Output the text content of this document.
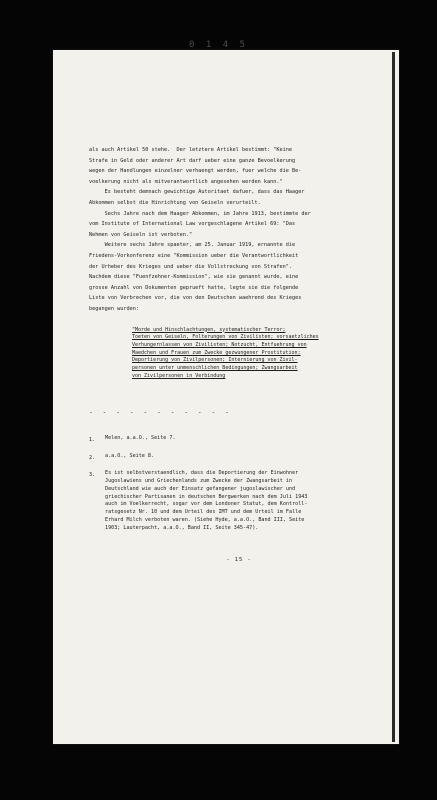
0 1 4 5

als auch Artikel 50 stehe.  Der letztere Artikel bestimmt: "Keine
Strafe in Geld oder anderer Art darf ueber eine ganze Bevoelkerung
wegen der Handlungen einzelner verhaengt werden, fuer welche die Be-
voelkerung nicht als mitverantwortlich angesehen werden kann."

Es besteht demnach gewichtige Autoritaet dafuer, dass das Haager
Abkommen selbst die Hinrichtung von Geiseln verurteilt.

Sechs Jahre nach dem Haager Abkommen, im Jahre 1913, bestimmte der
vom Institute of International Law vorgeschlagene Artikel 69: "Das
Nehmen von Geiseln ist verboten."

Weitere sechs Jahre spaeter, am 25. Januar 1919, ernannte die
Friedens-Vorkonferenz eine "Kommission ueber die Verantwortlichkeit
der Urheber des Krieges und ueber die Vollstreckung von Strafen".
Nachdem diese "Fuenfzehner-Kommission", wie sie genannt wurde, eine
grosse Anzahl von Dokumenten geprueft hatte, legte sie die folgende
Liste von Verbrechen vor, die von den Deutschen waehrend des Krieges
begangen wurden:

"Morde und Hinschlachtungen, systematischer Terror;
Toeten von Geiseln, Folterungen von Zivilisten; vorsaetzliches
Verhungernlassen von Zivilisten; Notzucht, Entfuehrung von
Maedchen und Frauen zum Zwecke gezwungener Prostitution;
Deportierung von Zivilpersonen; Internierung von Zivil-
personen unter unmenschlichen Bedingungen; Zwangsarbeit
von Zivilpersonen in Verbindung
- - - - - - - - - - -
1.	Melen, a.a.O., Seite 7.
2.	a.a.O., Seite 8.
3.	Es ist selbstverstaendlich, dass die Deportierung der Einwohner
Jugoslawiens und Griechenlands zum Zwecke der Zwangsarbeit in
Deutschland wie auch der Einsatz gefangener jugoslawischer und
griechischer Partisanen in deutschen Bergwerken nach dem Juli 1943
auch im Voelkerrecht, sogar vor dem Londoner Statut, dem Kontroll-
ratsgesetz Nr. 10 und dem Urteil des IMT und dem Urteil im Falle
Erhard Milch verboten waren. (Siehe Hyde, a.a.O., Band III, Seite
1903; Lauterpacht, a.a.O., Band II, Seite 345-47).
- 15 -
